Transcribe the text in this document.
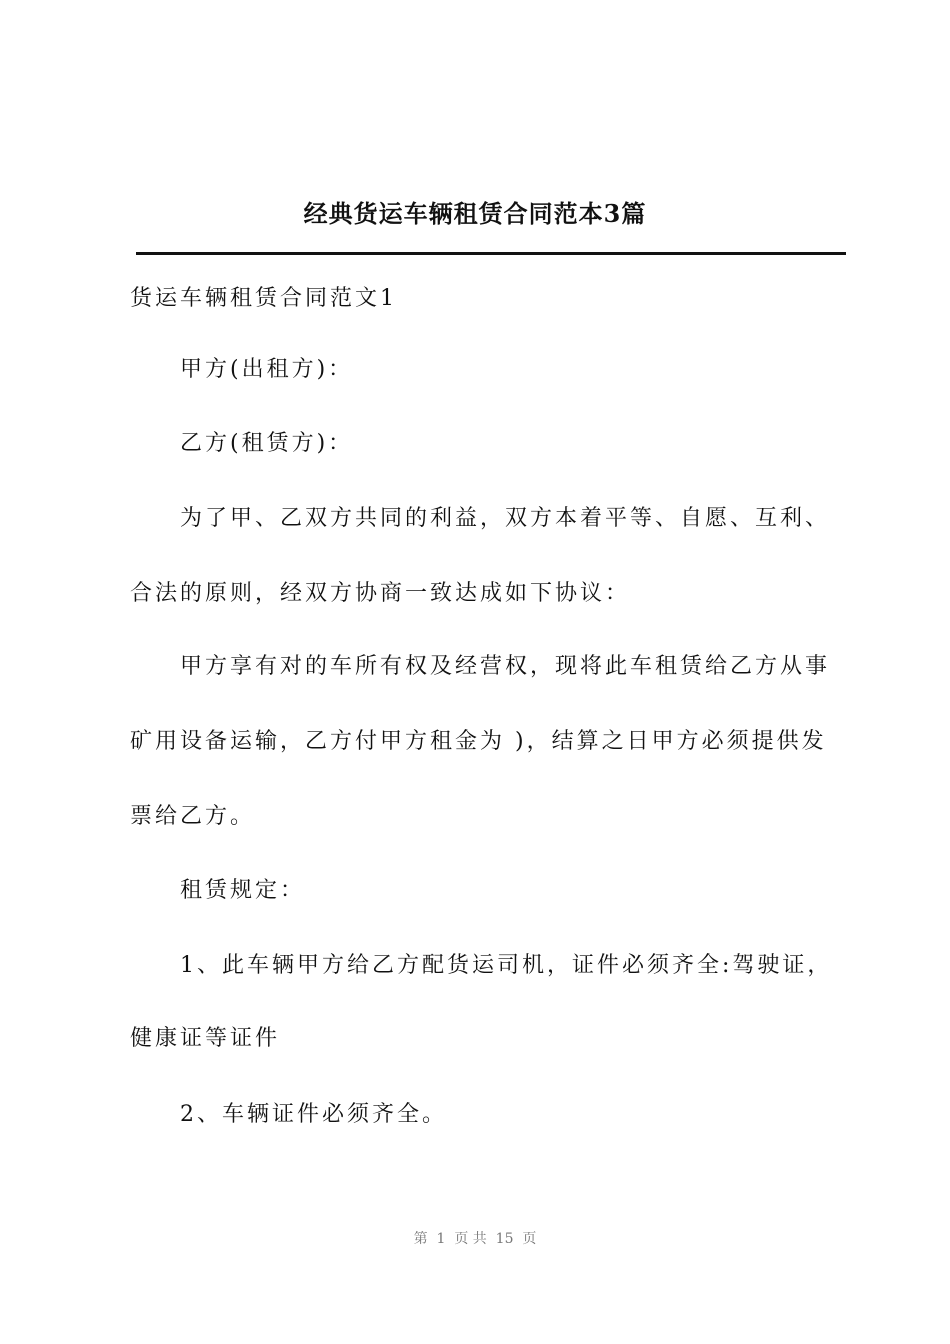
经典货运车辆租赁合同范本3篇
货运车辆租赁合同范文1
甲方(出租方)：
乙方(租赁方)：
为了甲、乙双方共同的利益，双方本着平等、自愿、互利、
合法的原则，经双方协商一致达成如下协议：
甲方享有对的车所有权及经营权，现将此车租赁给乙方从事
矿用设备运输，乙方付甲方租金为 )，结算之日甲方必须提供发
票给乙方。
租赁规定：
1、此车辆甲方给乙方配货运司机，证件必须齐全:驾驶证，
健康证等证件
2、车辆证件必须齐全。
第  1  页 共  15  页
